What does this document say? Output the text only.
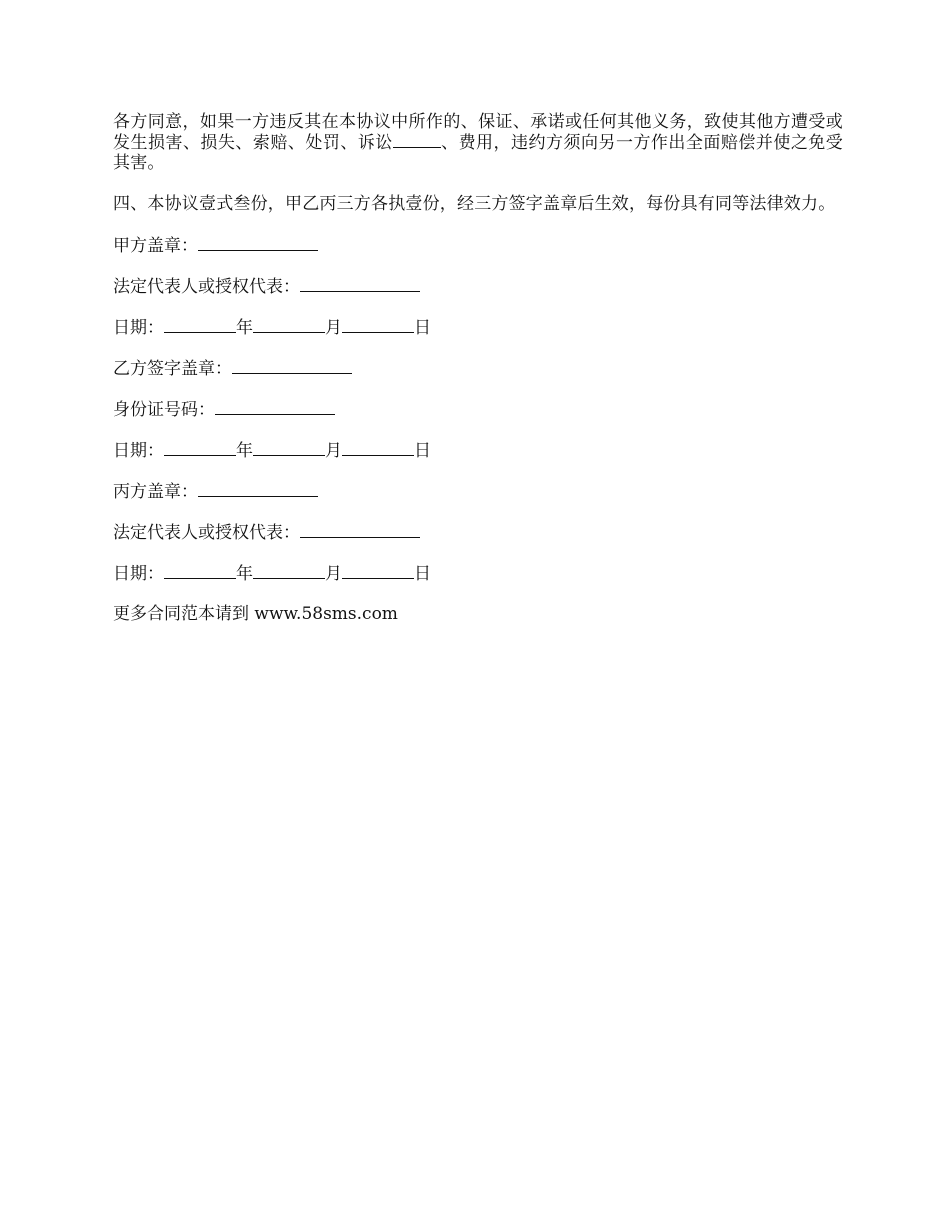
各方同意，如果一方违反其在本协议中所作的、保证、承诺或任何其他义务，致使其他方遭受或发生损害、损失、索赔、处罚、诉讼	、费用，违约方须向另一方作出全面赔偿并使之免受其害。

四、本协议壹式叁份，甲乙丙三方各执壹份，经三方签字盖章后生效，每份具有同等法律效力。

甲方盖章：
法定代表人或授权代表：
日期：	年	月	日
乙方签字盖章：
身份证号码：
日期：	年	月	日
丙方盖章：
法定代表人或授权代表：
日期：	年	月	日
更多合同范本请到 www.58sms.com
